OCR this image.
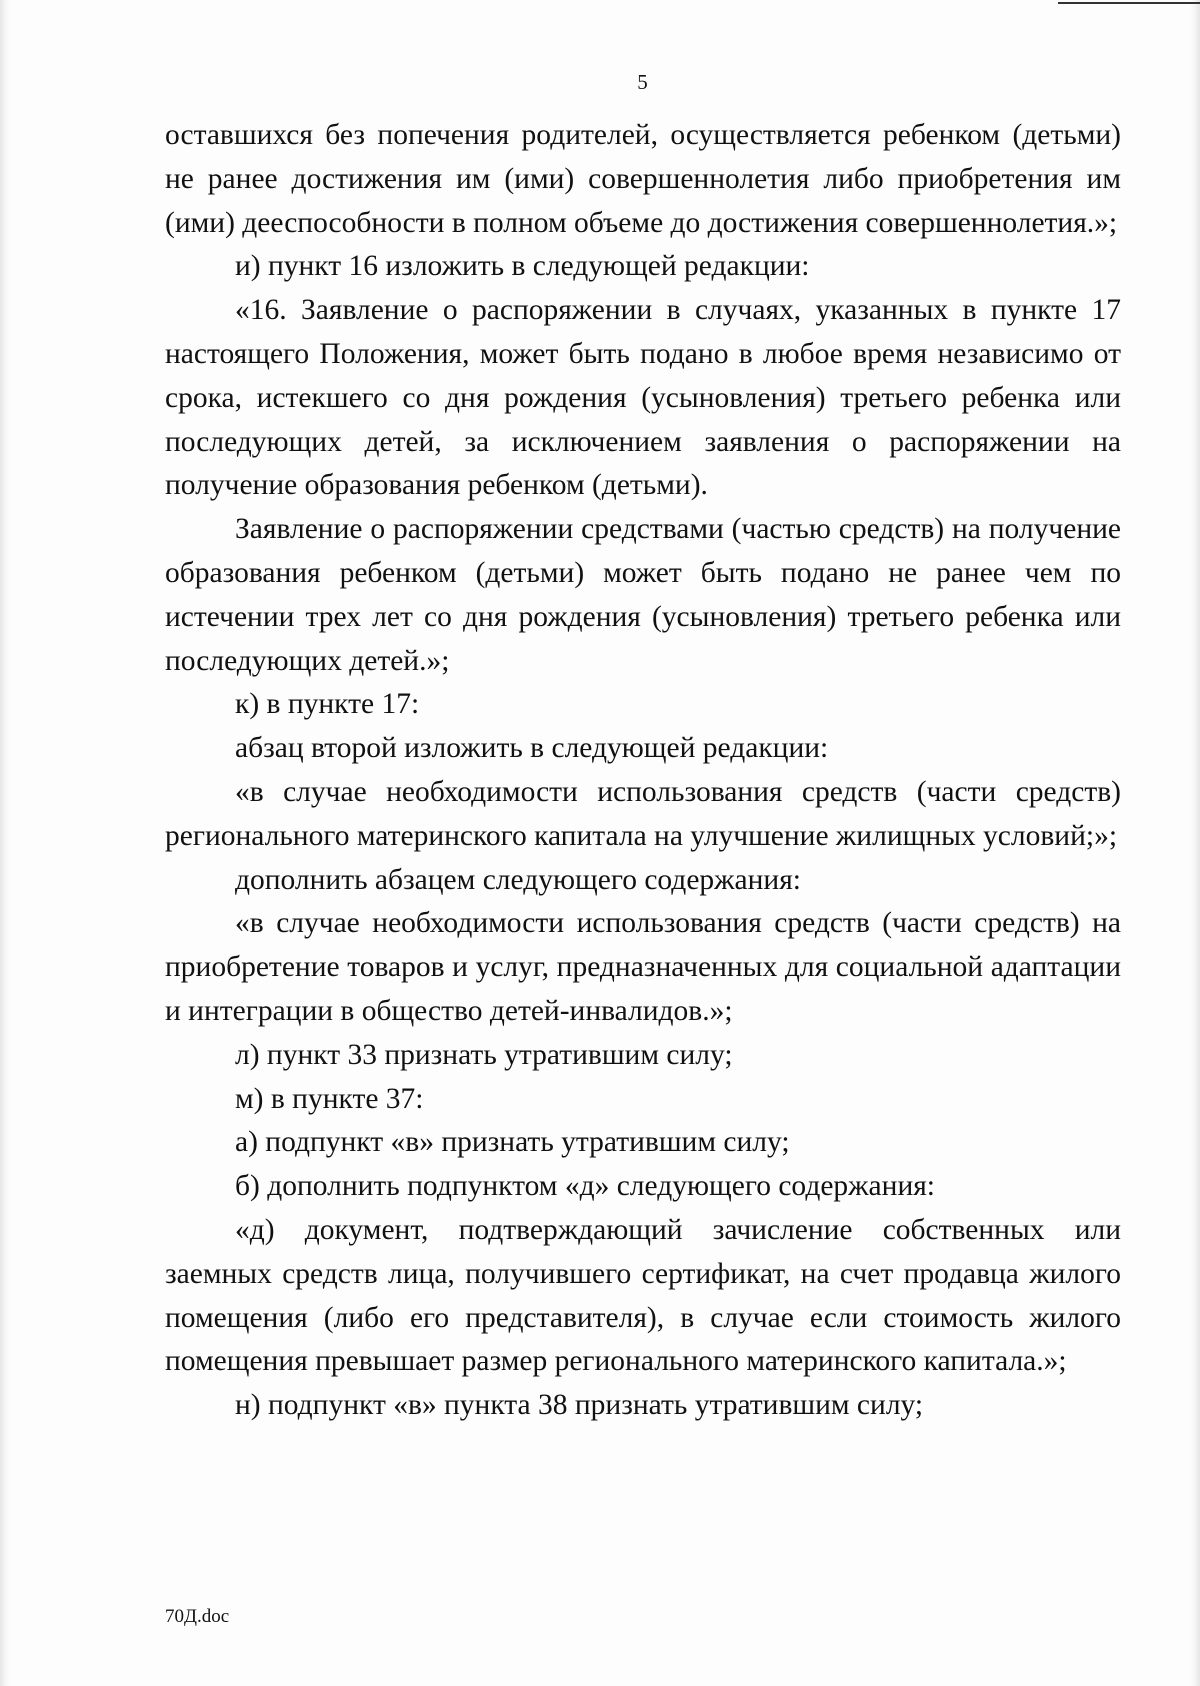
5

оставшихся без попечения родителей, осуществляется ребенком (детьми) не ранее достижения им (ими) совершеннолетия либо приобретения им (ими) дееспособности в полном объеме до достижения совершеннолетия.»;

и) пункт 16 изложить в следующей редакции:

«16. Заявление о распоряжении в случаях, указанных в пункте 17 настоящего Положения, может быть подано в любое время независимо от срока, истекшего со дня рождения (усыновления) третьего ребенка или последующих детей, за исключением заявления о распоряжении на получение образования ребенком (детьми).

Заявление о распоряжении средствами (частью средств) на получение образования ребенком (детьми) может быть подано не ранее чем по истечении трех лет со дня рождения (усыновления) третьего ребенка или последующих детей.»;

к) в пункте 17:

абзац второй изложить в следующей редакции:

«в случае необходимости использования средств (части средств) регионального материнского капитала на улучшение жилищных условий;»;

дополнить абзацем следующего содержания:

«в случае необходимости использования средств (части средств) на приобретение товаров и услуг, предназначенных для социальной адаптации и интеграции в общество детей-инвалидов.»;

л) пункт 33 признать утратившим силу;

м) в пункте 37:

а) подпункт «в» признать утратившим силу;

б) дополнить подпунктом «д» следующего содержания:

«д) документ, подтверждающий зачисление собственных или заемных средств лица, получившего сертификат, на счет продавца жилого помещения (либо его представителя), в случае если стоимость жилого помещения превышает размер регионального материнского капитала.»;

н) подпункт «в» пункта 38 признать утратившим силу;

70Д.doc
